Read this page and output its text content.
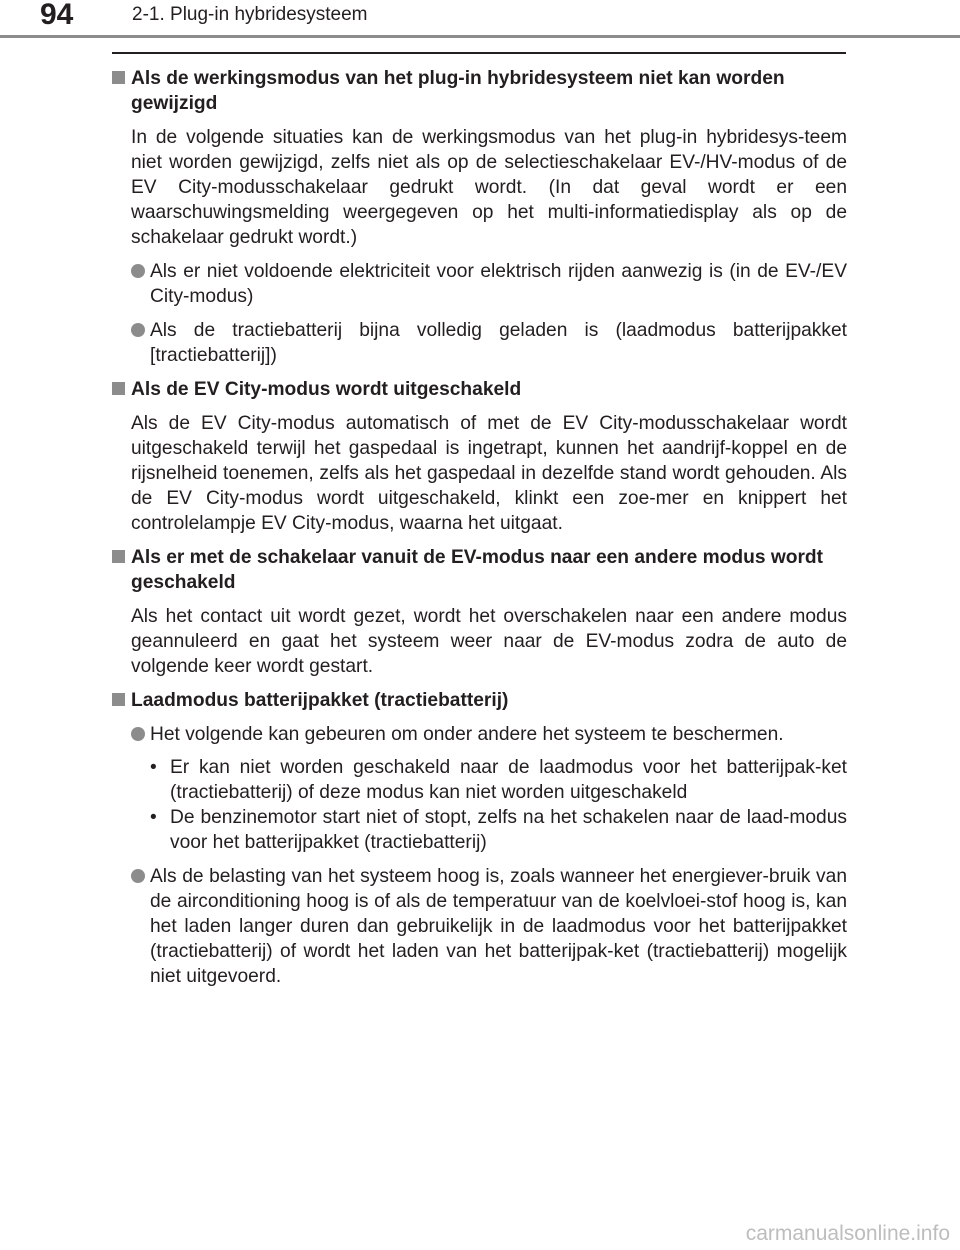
94	2-1. Plug-in hybridesysteem
Als de werkingsmodus van het plug-in hybridesysteem niet kan worden gewijzigd

In de volgende situaties kan de werkingsmodus van het plug-in hybridesys-teem niet worden gewijzigd, zelfs niet als op de selectieschakelaar EV-/HV-modus of de EV City-modusschakelaar gedrukt wordt. (In dat geval wordt er een waarschuwingsmelding weergegeven op het multi-informatiedisplay als op de schakelaar gedrukt wordt.)

Als er niet voldoende elektriciteit voor elektrisch rijden aanwezig is (in de EV-/EV City-modus)
Als de tractiebatterij bijna volledig geladen is (laadmodus batterijpakket [tractiebatterij])
Als de EV City-modus wordt uitgeschakeld

Als de EV City-modus automatisch of met de EV City-modusschakelaar wordt uitgeschakeld terwijl het gaspedaal is ingetrapt, kunnen het aandrijf-koppel en de rijsnelheid toenemen, zelfs als het gaspedaal in dezelfde stand wordt gehouden. Als de EV City-modus wordt uitgeschakeld, klinkt een zoe-mer en knippert het controlelampje EV City-modus, waarna het uitgaat.

Als er met de schakelaar vanuit de EV-modus naar een andere modus wordt geschakeld

Als het contact uit wordt gezet, wordt het overschakelen naar een andere modus geannuleerd en gaat het systeem weer naar de EV-modus zodra de auto de volgende keer wordt gestart.

Laadmodus batterijpakket (tractiebatterij)
Het volgende kan gebeuren om onder andere het systeem te beschermen.
• Er kan niet worden geschakeld naar de laadmodus voor het batterijpak-ket (tractiebatterij) of deze modus kan niet worden uitgeschakeld
• De benzinemotor start niet of stopt, zelfs na het schakelen naar de laad-modus voor het batterijpakket (tractiebatterij)
Als de belasting van het systeem hoog is, zoals wanneer het energiever-bruik van de airconditioning hoog is of als de temperatuur van de koelvloei-stof hoog is, kan het laden langer duren dan gebruikelijk in de laadmodus voor het batterijpakket (tractiebatterij) of wordt het laden van het batterijpak-ket (tractiebatterij) mogelijk niet uitgevoerd.
carmanualsonline.info
